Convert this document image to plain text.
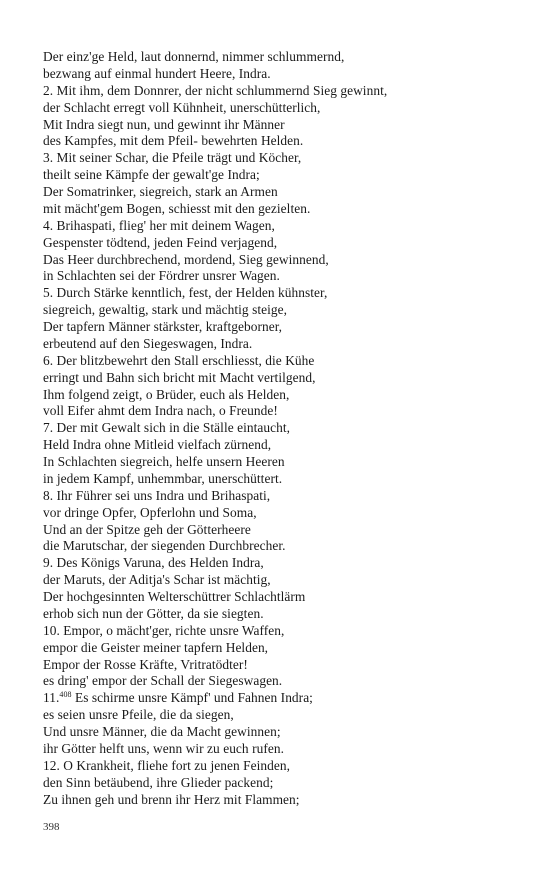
Der einz'ge Held, laut donnernd, nimmer schlummernd,
bezwang auf einmal hundert Heere, Indra.
2. Mit ihm, dem Donnrer, der nicht schlummernd Sieg gewinnt,
der Schlacht erregt voll Kühnheit, unerschütterlich,
Mit Indra siegt nun, und gewinnt ihr Männer
des Kampfes, mit dem Pfeil- bewehrten Helden.
3. Mit seiner Schar, die Pfeile trägt und Köcher,
theilt seine Kämpfe der gewalt'ge Indra;
Der Somatrinker, siegreich, stark an Armen
mit mächt'gem Bogen, schiesst mit den gezielten.
4. Brihaspati, flieg' her mit deinem Wagen,
Gespenster tödtend, jeden Feind verjagend,
Das Heer durchbrechend, mordend, Sieg gewinnend,
in Schlachten sei der Fördrer unsrer Wagen.
5. Durch Stärke kenntlich, fest, der Helden kühnster,
siegreich, gewaltig, stark und mächtig steige,
Der tapfern Männer stärkster, kraftgeborner,
erbeutend auf den Siegeswagen, Indra.
6. Der blitzbewehrt den Stall erschliesst, die Kühe
erringt und Bahn sich bricht mit Macht vertilgend,
Ihm folgend zeigt, o Brüder, euch als Helden,
voll Eifer ahmt dem Indra nach, o Freunde!
7. Der mit Gewalt sich in die Ställe eintaucht,
Held Indra ohne Mitleid vielfach zürnend,
In Schlachten siegreich, helfe unsern Heeren
in jedem Kampf, unhemmbar, unerschüttert.
8. Ihr Führer sei uns Indra und Brihaspati,
vor dringe Opfer, Opferlohn und Soma,
Und an der Spitze geh der Götterheere
die Marutschar, der siegenden Durchbrecher.
9. Des Königs Varuna, des Helden Indra,
der Maruts, der Aditja's Schar ist mächtig,
Der hochgesinnten Welterschüttrer Schlachtlärm
erhob sich nun der Götter, da sie siegten.
10. Empor, o mächt'ger, richte unsre Waffen,
empor die Geister meiner tapfern Helden,
Empor der Rosse Kräfte, Vritratödter!
es dring' empor der Schall der Siegeswagen.
11.$^{408}$ Es schirme unsre Kämpf' und Fahnen Indra;
es seien unsre Pfeile, die da siegen,
Und unsre Männer, die da Macht gewinnen;
ihr Götter helft uns, wenn wir zu euch rufen.
12. O Krankheit, fliehe fort zu jenen Feinden,
den Sinn betäubend, ihre Glieder packend;
Zu ihnen geh und brenn ihr Herz mit Flammen;
398
